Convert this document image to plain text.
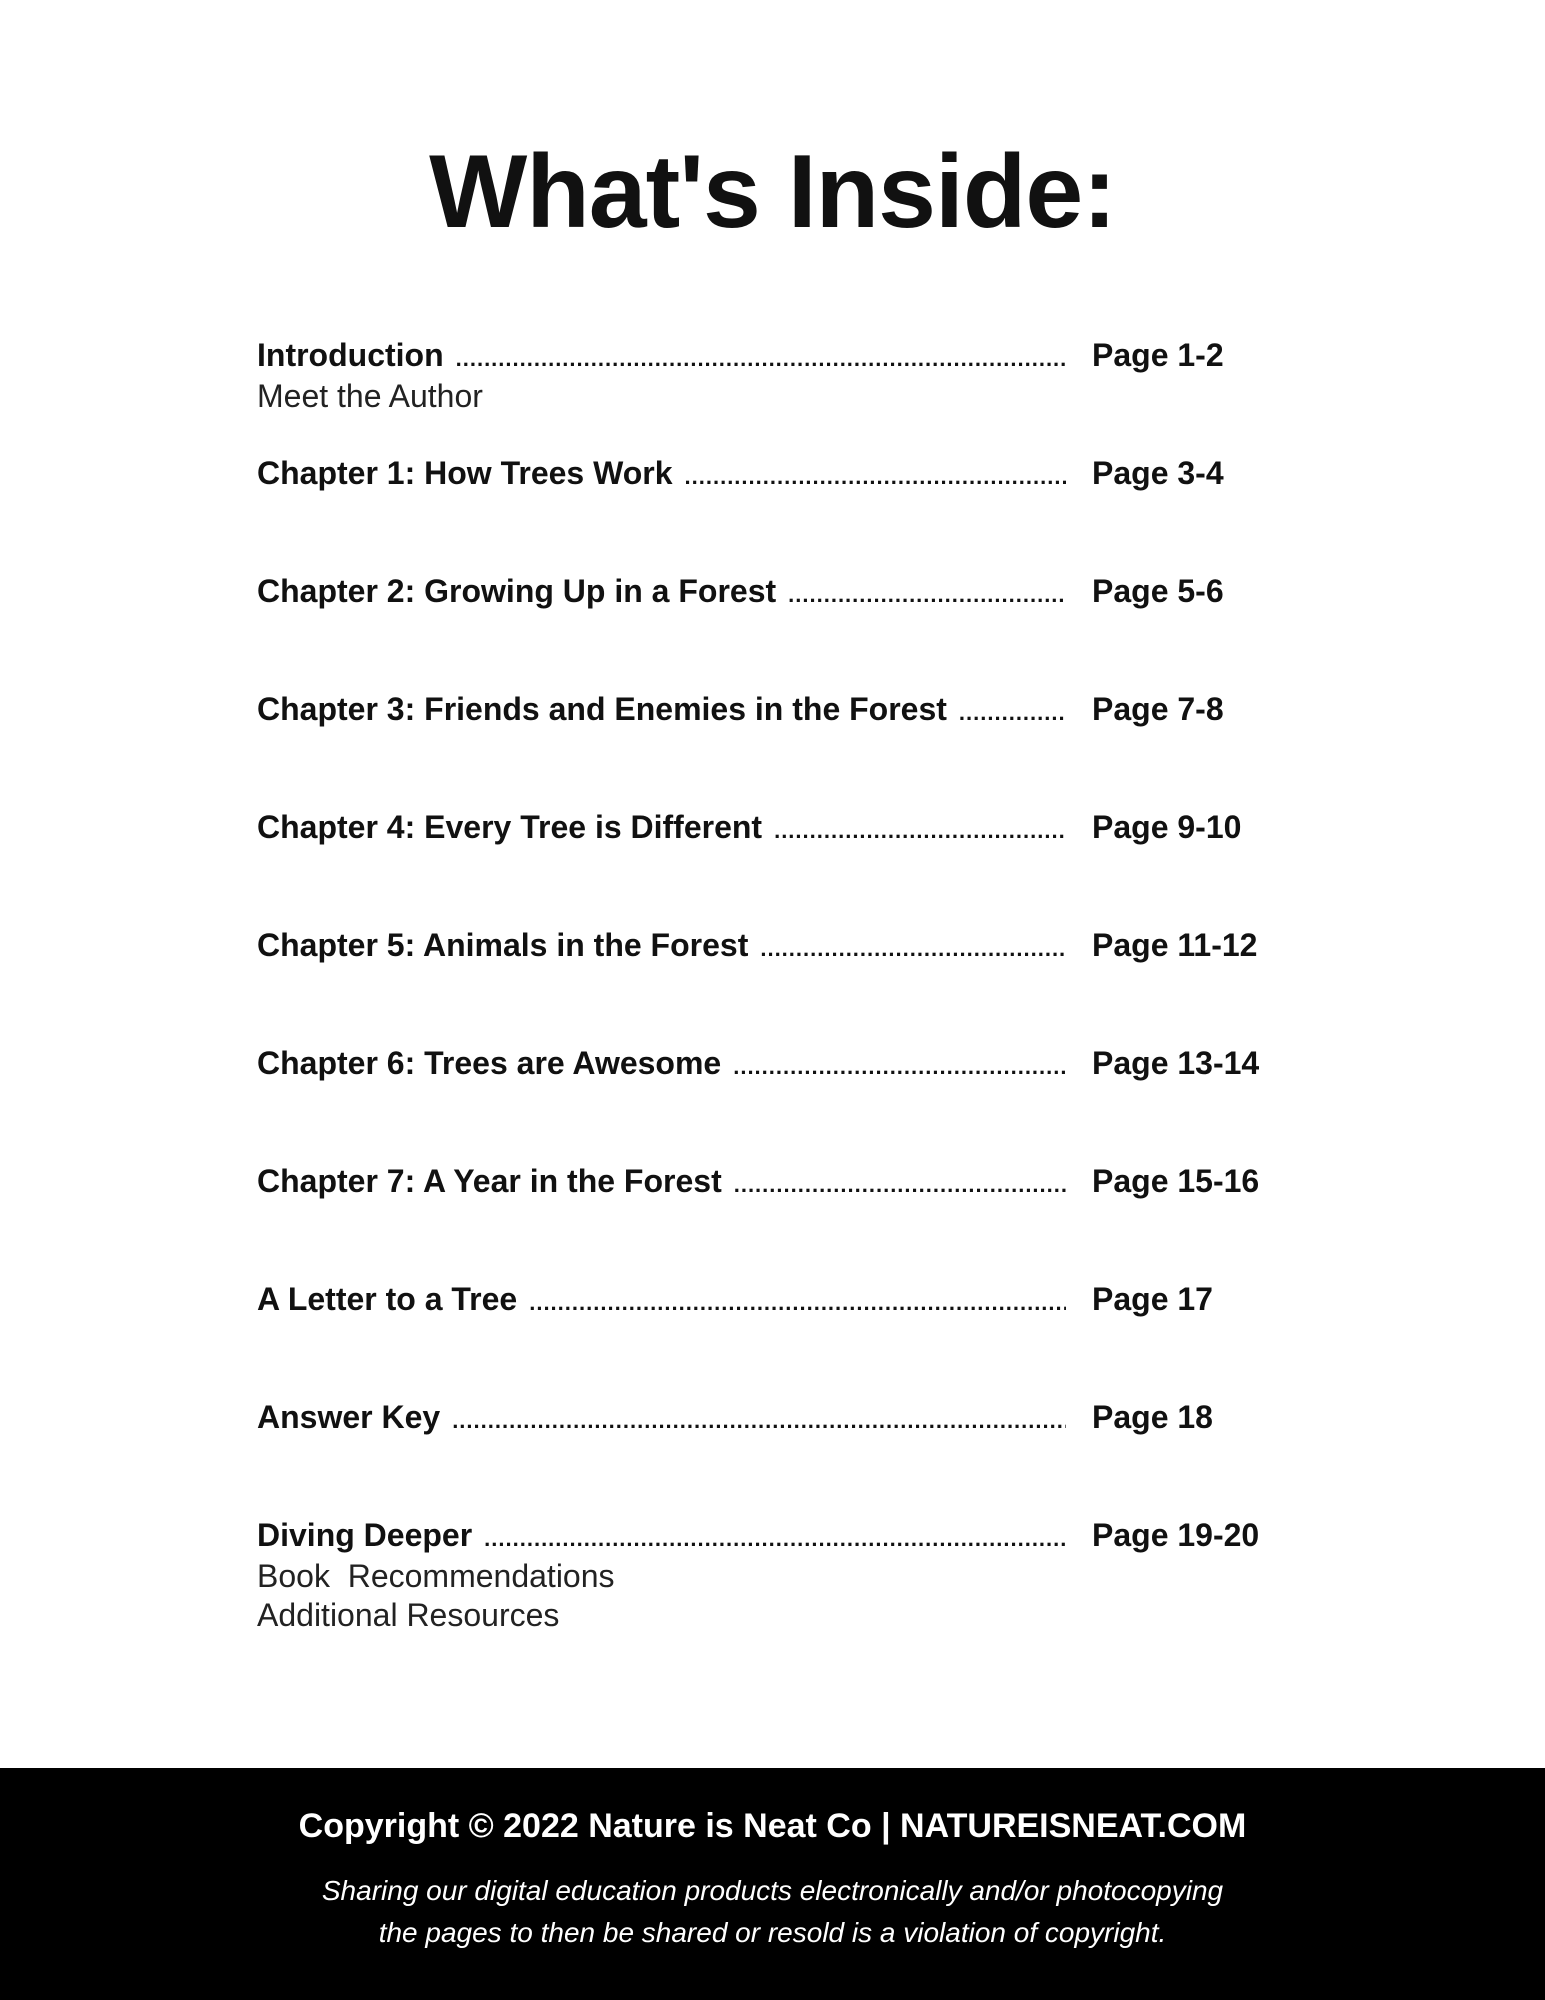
What's Inside:
Introduction .....	Page 1-2
Meet the Author
Chapter 1: How Trees Work .....	Page 3-4
Chapter 2: Growing Up in a Forest .....	Page 5-6
Chapter 3: Friends and Enemies in the Forest .....	Page 7-8
Chapter 4: Every Tree is Different .....	Page 9-10
Chapter 5: Animals in the Forest .....	Page 11-12
Chapter 6: Trees are Awesome .....	Page 13-14
Chapter 7: A Year in the Forest .....	Page 15-16
A Letter to a Tree .....	Page 17
Answer Key .....	Page 18
Diving Deeper .....	Page 19-20
Book  Recommendations
Additional Resources
Copyright © 2022 Nature is Neat Co | NATUREISNEAT.COM
Sharing our digital education products electronically and/or photocopying
the pages to then be shared or resold is a violation of copyright.
